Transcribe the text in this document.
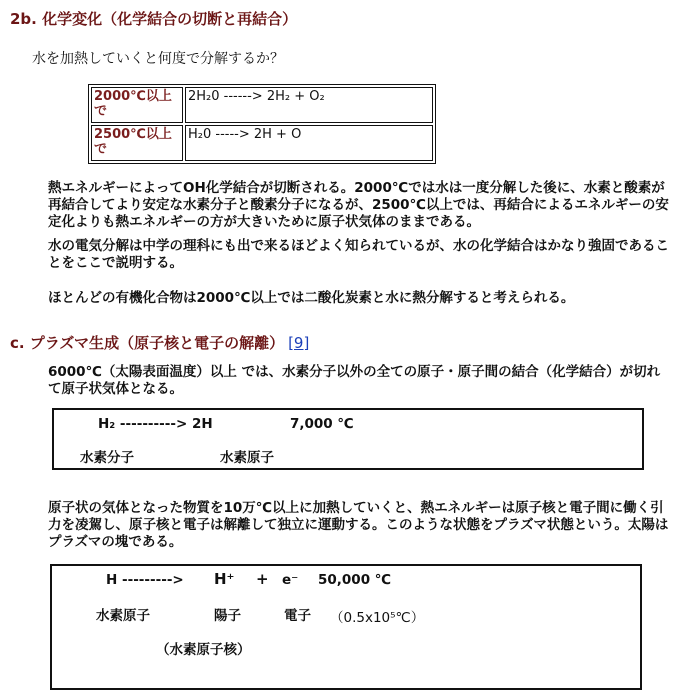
2b. 化学変化（化学結合の切断と再結合）
水を加熱していくと何度で分解するか？
2000℃以上で	2H₂0 ------> 2H₂ + O₂
2500℃以上で	H₂0 -----> 2H + O
熱エネルギーによってOH化学結合が切断される。2000℃では水は一度分解した後に、水素と酸素が再結合してより安定な水素分子と酸素分子になるが、2500℃以上では、再結合によるエネルギーの安定化よりも熱エネルギーの方が大きいために原子状気体のままである。
水の電気分解は中学の理科にも出で来るほどよく知られているが、水の化学結合はかなり強固であることをここで説明する。
ほとんどの有機化合物は2000℃以上では二酸化炭素と水に熱分解すると考えられる。
c. プラズマ生成（原子核と電子の解離） [9]
6000℃（太陽表面温度）以上 では、水素分子以外の全ての原子・原子間の結合（化学結合）が切れて原子状気体となる。
H₂ ----------> 2H	7,000 ℃
水素分子	水素原子
原子状の気体となった物質を10万℃以上に加熱していくと、熱エネルギーは原子核と電子間に働く引力を凌駕し、原子核と電子は解離して独立に運動する。このような状態をプラズマ状態という。太陽はプラズマの塊である。
H ---------> H⁺ + e⁻ 50,000 ℃
水素原子	陽子	電子 （0.5x10⁵℃）
（水素原子核）
